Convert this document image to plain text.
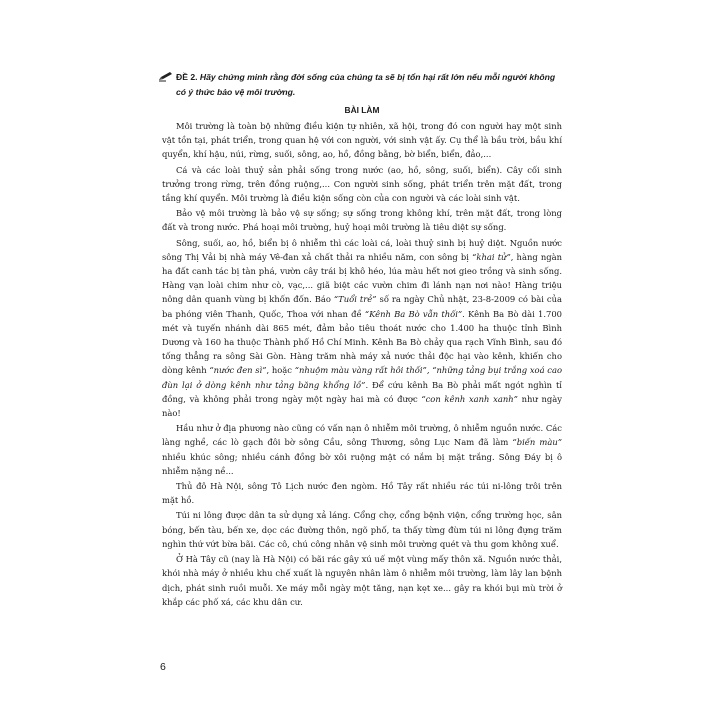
ĐỀ 2. Hãy chứng minh rằng đời sống của chúng ta sẽ bị tổn hại rất lớn nếu mỗi người không có ý thức bảo vệ môi trường.

BÀI LÀM

Môi trường là toàn bộ những điều kiện tự nhiên, xã hội, trong đó con người hay một sinh vật tồn tại, phát triển, trong quan hệ với con người, với sinh vật ấy. Cụ thể là bầu trời, bầu khí quyển, khí hậu, núi, rừng, suối, sông, ao, hồ, đồng bằng, bờ biển, biển, đảo,...

Cá và các loài thuỷ sản phải sống trong nước (ao, hồ, sông, suối, biển). Cây cối sinh trưởng trong rừng, trên đồng ruộng,... Con người sinh sống, phát triển trên mặt đất, trong tầng khí quyển. Môi trường là điều kiện sống còn của con người và các loài sinh vật.

Bảo vệ môi trường là bảo vệ sự sống; sự sống trong không khí, trên mặt đất, trong lòng đất và trong nước. Phá hoại môi trường, huỷ hoại môi trường là tiêu diệt sự sống.

Sông, suối, ao, hồ, biển bị ô nhiễm thì các loài cá, loài thuỷ sinh bị huỷ diệt. Nguồn nước sông Thị Vải bị nhà máy Vê-đan xả chất thải ra nhiều năm, con sông bị “khai tử”, hàng ngàn ha đất canh tác bị tàn phá, vườn cây trái bị khô héo, lúa màu hết nơi gieo trồng và sinh sống. Hàng vạn loài chim như cò, vạc,... giã biệt các vườn chim đi lánh nạn nơi nào! Hàng triệu nông dân quanh vùng bị khốn đốn. Báo “Tuổi trẻ” số ra ngày Chủ nhật, 23-8-2009 có bài của ba phóng viên Thanh, Quốc, Thoa với nhan đề “Kênh Ba Bò vẫn thối”. Kênh Ba Bò dài 1.700 mét và tuyến nhánh dài 865 mét, đảm bảo tiêu thoát nước cho 1.400 ha thuộc tỉnh Bình Dương và 160 ha thuộc Thành phố Hồ Chí Minh. Kênh Ba Bò chảy qua rạch Vĩnh Bình, sau đó tống thẳng ra sông Sài Gòn. Hàng trăm nhà máy xả nước thải độc hại vào kênh, khiến cho dòng kênh “nước đen sì”, hoặc “nhuộm màu vàng rất hôi thối”, “những tảng bụi trắng xoá cao đùn lại ở dòng kênh như tảng băng khổng lồ”. Để cứu kênh Ba Bò phải mất ngót nghìn tỉ đồng, và không phải trong ngày một ngày hai mà có được “con kênh xanh xanh” như ngày nào!

Hầu như ở địa phương nào cũng có vấn nạn ô nhiễm môi trường, ô nhiễm nguồn nước. Các làng nghề, các lò gạch đôi bờ sông Cầu, sông Thương, sông Lục Nam đã làm “biến màu” nhiều khúc sông; nhiều cánh đồng bờ xôi ruộng mật có nắm bị mặt trắng. Sông Đáy bị ô nhiễm nặng nề...

Thủ đô Hà Nội, sông Tô Lịch nước đen ngòm. Hồ Tây rất nhiều rác túi ni-lông trôi trên mặt hồ.

Túi ni lông được dân ta sử dụng xả láng. Cổng chợ, cổng bệnh viện, cổng trường học, sân bóng, bến tàu, bến xe, dọc các đường thôn, ngõ phố, ta thấy từng đùm túi ni lông đựng trăm nghìn thứ vứt bừa bãi. Các cô, chú công nhân vệ sinh môi trường quét và thu gom không xuể.

Ở Hà Tây cũ (nay là Hà Nội) có bãi rác gây xú uế một vùng mấy thôn xã. Nguồn nước thải, khói nhà máy ở nhiều khu chế xuất là nguyên nhân làm ô nhiễm môi trường, làm lây lan bệnh dịch, phát sinh ruồi muỗi. Xe máy mỗi ngày một tăng, nạn kẹt xe... gây ra khói bụi mù trời ở khắp các phố xá, các khu dân cư.

6
